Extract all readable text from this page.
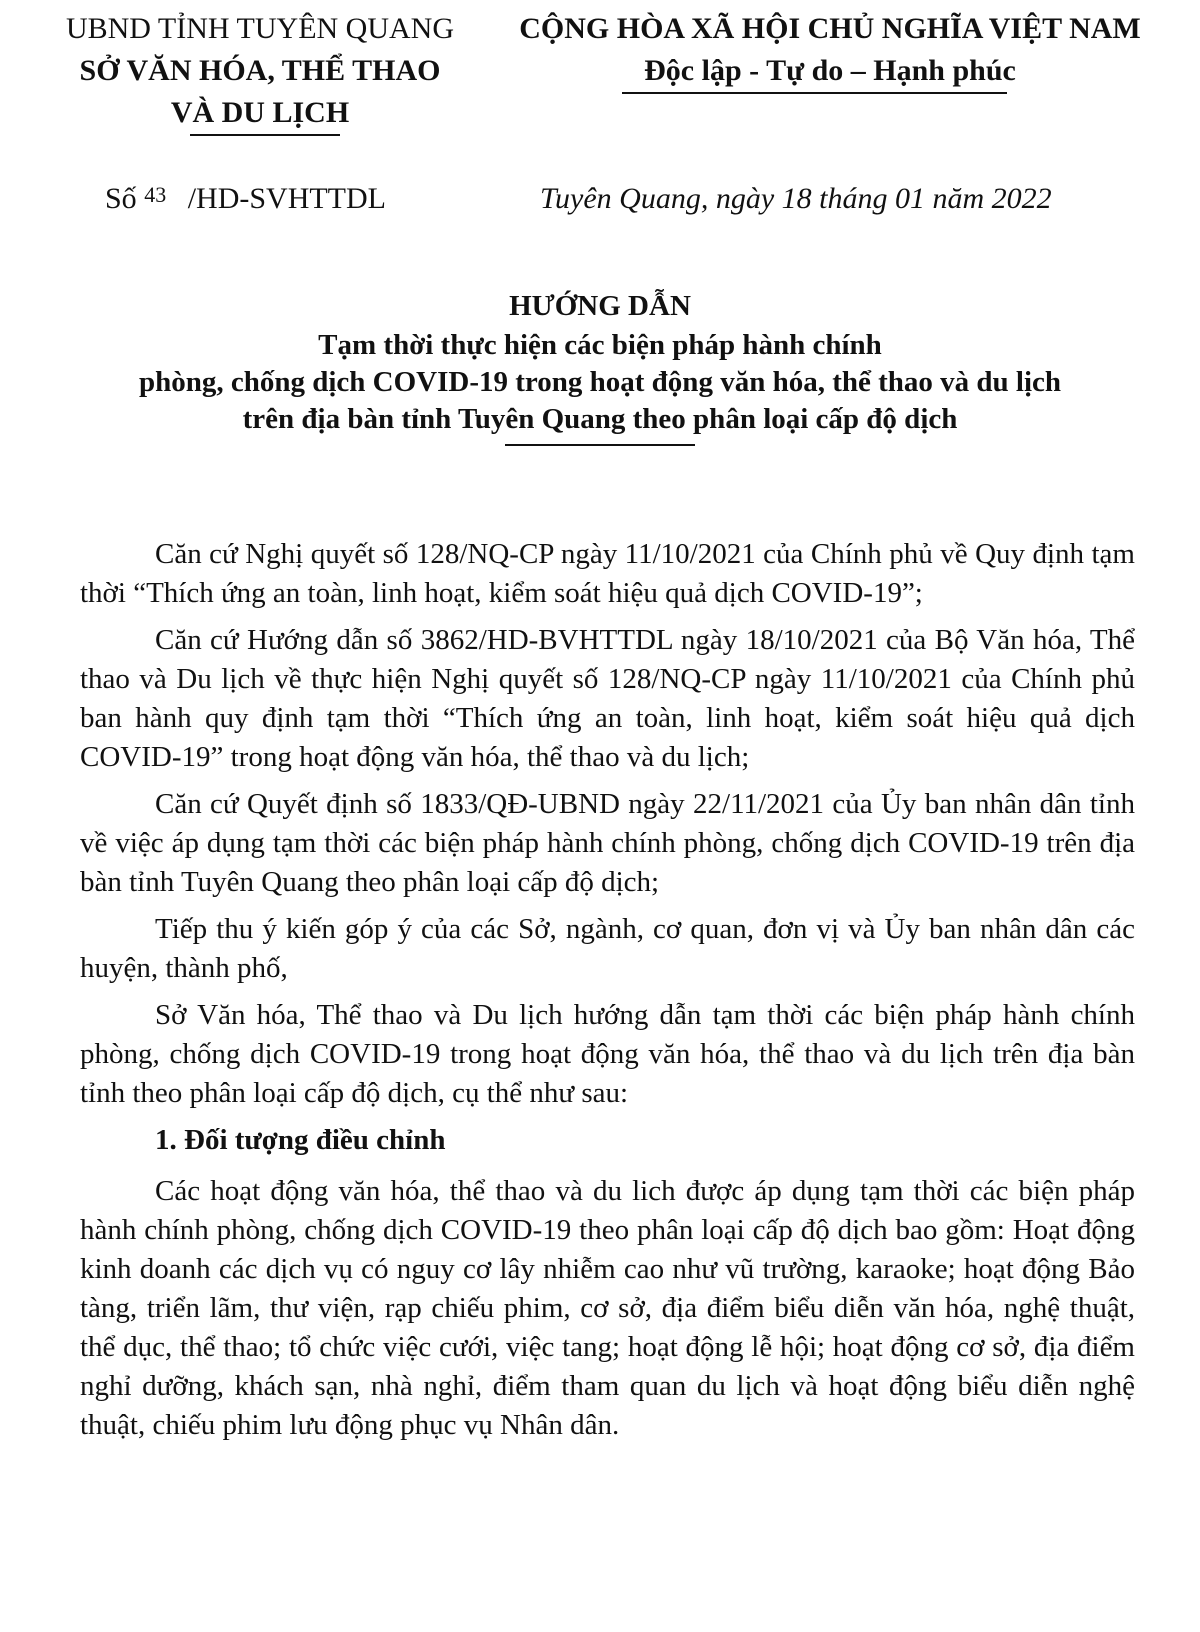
UBND TỈNH TUYÊN QUANG
SỞ VĂN HÓA, THỂ THAO
VÀ DU LỊCH
CỘNG HÒA XÃ HỘI CHỦ NGHĨA VIỆT NAM
Độc lập - Tự do – Hạnh phúc
Số $^{43}$ /HD-SVHTTDL	Tuyên Quang, ngày 18 tháng 01 năm 2022
HƯỚNG DẪN
Tạm thời thực hiện các biện pháp hành chính
phòng, chống dịch COVID-19 trong hoạt động văn hóa, thể thao và du lịch
trên địa bàn tỉnh Tuyên Quang theo phân loại cấp độ dịch

Căn cứ Nghị quyết số 128/NQ-CP ngày 11/10/2021 của Chính phủ về Quy định tạm thời “Thích ứng an toàn, linh hoạt, kiểm soát hiệu quả dịch COVID-19”;

Căn cứ Hướng dẫn số 3862/HD-BVHTTDL ngày 18/10/2021 của Bộ Văn hóa, Thể thao và Du lịch về thực hiện Nghị quyết số 128/NQ-CP ngày 11/10/2021 của Chính phủ ban hành quy định tạm thời “Thích ứng an toàn, linh hoạt, kiểm soát hiệu quả dịch COVID-19” trong hoạt động văn hóa, thể thao và du lịch;

Căn cứ Quyết định số 1833/QĐ-UBND ngày 22/11/2021 của Ủy ban nhân dân tỉnh về việc áp dụng tạm thời các biện pháp hành chính phòng, chống dịch COVID-19 trên địa bàn tỉnh Tuyên Quang theo phân loại cấp độ dịch;

Tiếp thu ý kiến góp ý của các Sở, ngành, cơ quan, đơn vị và Ủy ban nhân dân các huyện, thành phố,

Sở Văn hóa, Thể thao và Du lịch hướng dẫn tạm thời các biện pháp hành chính phòng, chống dịch COVID-19 trong hoạt động văn hóa, thể thao và du lịch trên địa bàn tỉnh theo phân loại cấp độ dịch, cụ thể như sau:

1. Đối tượng điều chỉnh

Các hoạt động văn hóa, thể thao và du lich được áp dụng tạm thời các biện pháp hành chính phòng, chống dịch COVID-19 theo phân loại cấp độ dịch bao gồm: Hoạt động kinh doanh các dịch vụ có nguy cơ lây nhiễm cao như vũ trường, karaoke; hoạt động Bảo tàng, triển lãm, thư viện, rạp chiếu phim, cơ sở, địa điểm biểu diễn văn hóa, nghệ thuật, thể dục, thể thao; tổ chức việc cưới, việc tang; hoạt động lễ hội; hoạt động cơ sở, địa điểm nghỉ dưỡng, khách sạn, nhà nghỉ, điểm tham quan du lịch và hoạt động biểu diễn nghệ thuật, chiếu phim lưu động phục vụ Nhân dân.
